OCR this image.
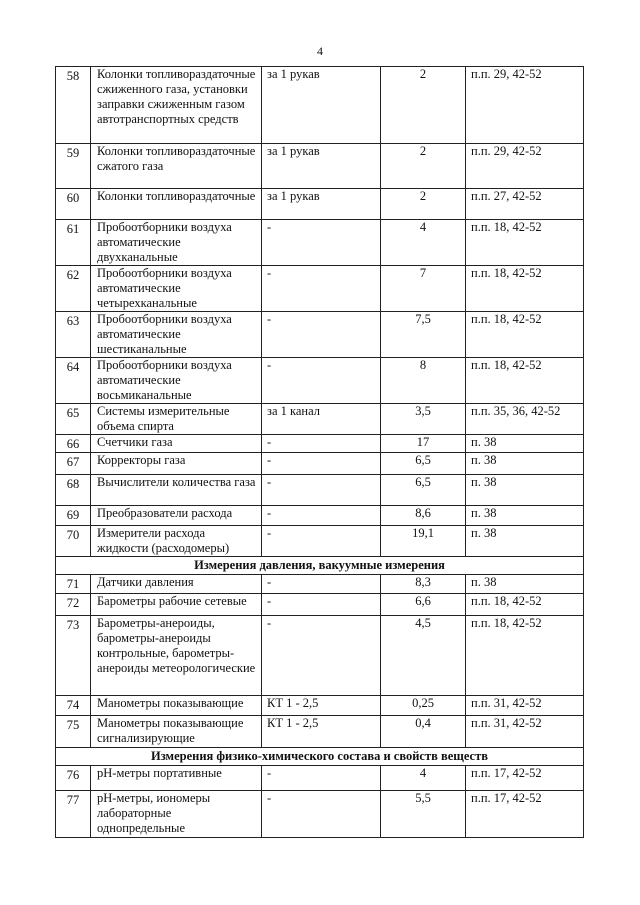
4
58	Колонки топливораздаточные сжиженного газа, установки заправки сжиженным газом автотранспортных средств	за 1 рукав	2	п.п. 29, 42-52
59	Колонки топливораздаточные сжатого газа	за 1 рукав	2	п.п. 29, 42-52
60	Колонки топливораздаточные	за 1 рукав	2	п.п. 27, 42-52
61	Пробоотборники воздуха автоматические двухканальные	-	4	п.п. 18, 42-52
62	Пробоотборники воздуха автоматические четырехканальные	-	7	п.п. 18, 42-52
63	Пробоотборники воздуха автоматические шестиканальные	-	7,5	п.п. 18, 42-52
64	Пробоотборники воздуха автоматические восьмиканальные	-	8	п.п. 18, 42-52
65	Системы измерительные объема спирта	за 1 канал	3,5	п.п. 35, 36, 42-52
66	Счетчики газа	-	17	п. 38
67	Корректоры газа	-	6,5	п. 38
68	Вычислители количества газа	-	6,5	п. 38
69	Преобразователи расхода	-	8,6	п. 38
70	Измерители расхода жидкости (расходомеры)	-	19,1	п. 38
Измерения давления, вакуумные измерения				
71	Датчики давления	-	8,3	п. 38
72	Барометры рабочие сетевые	-	6,6	п.п. 18, 42-52
73	Барометры-анероиды, барометры-анероиды контрольные, барометры-анероиды метеорологические	-	4,5	п.п. 18, 42-52
74	Манометры показывающие	КТ 1 - 2,5	0,25	п.п. 31, 42-52
75	Манометры показывающие сигнализирующие	КТ 1 - 2,5	0,4	п.п. 31, 42-52
Измерения физико-химического состава и свойств веществ				
76	рН-метры портативные	-	4	п.п. 17, 42-52
77	рН-метры, иономеры лабораторные однопредельные	-	5,5	п.п. 17, 42-52
